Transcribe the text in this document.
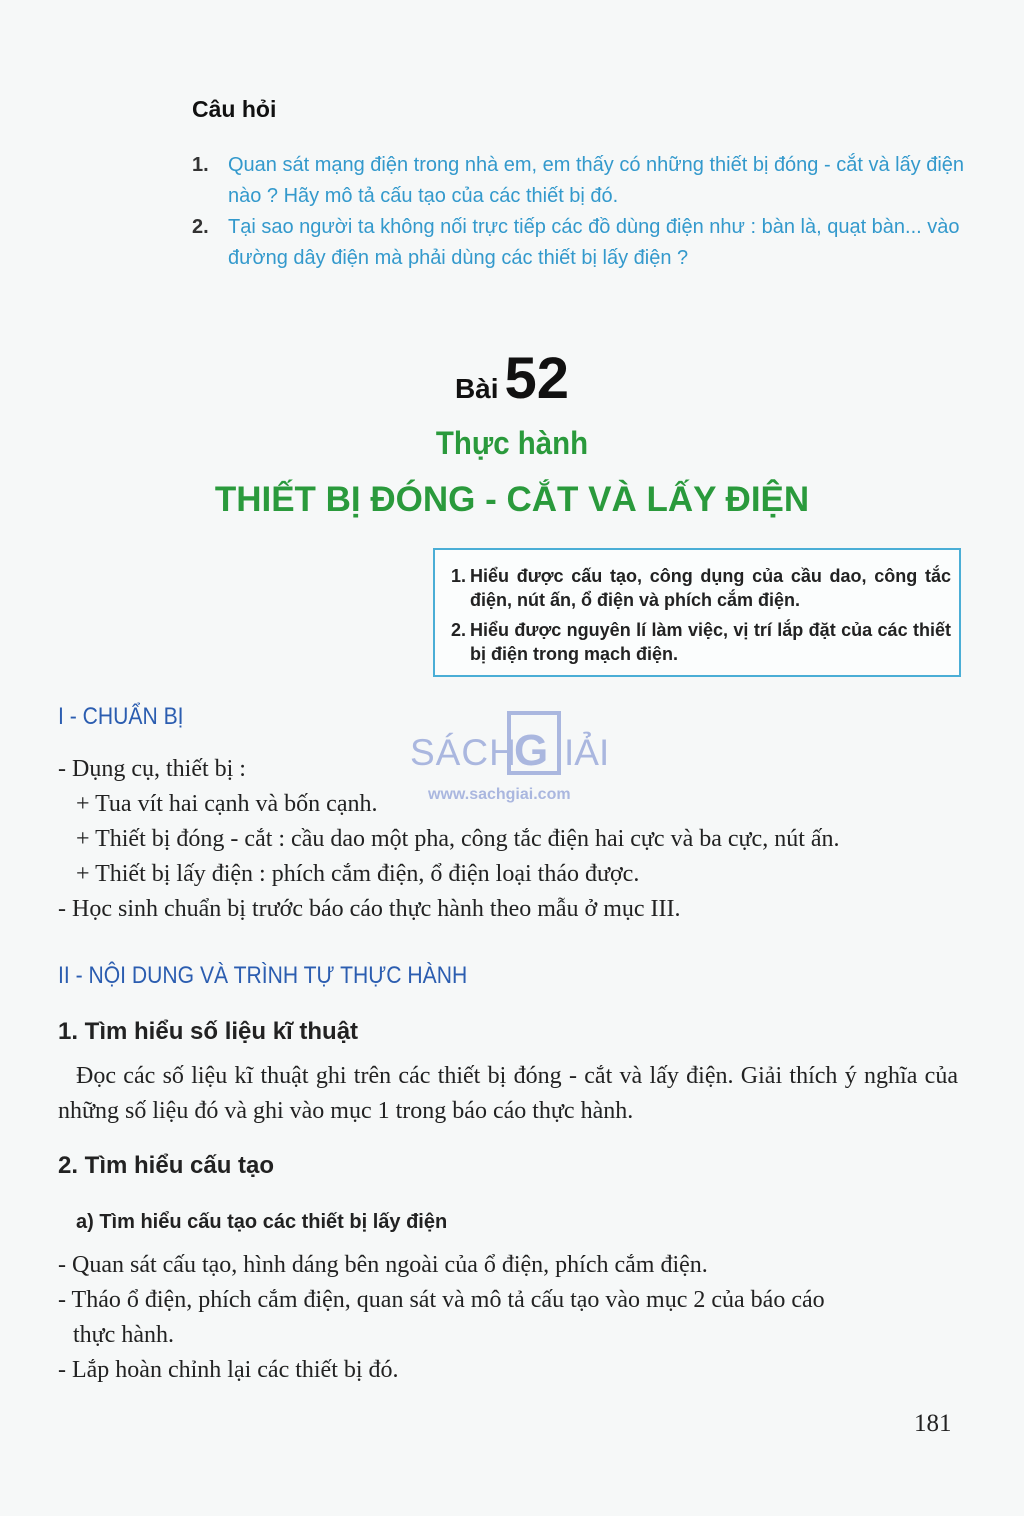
Câu hỏi
1. Quan sát mạng điện trong nhà em, em thấy có những thiết bị đóng - cắt và lấy điện nào ? Hãy mô tả cấu tạo của các thiết bị đó.
2. Tại sao người ta không nối trực tiếp các đồ dùng điện như : bàn là, quạt bàn... vào đường dây điện mà phải dùng các thiết bị lấy điện ?
Bài 52
Thực hành
THIẾT BỊ ĐÓNG - CẮT VÀ LẤY ĐIỆN
1. Hiểu được cấu tạo, công dụng của cầu dao, công tắc điện, nút ấn, ổ điện và phích cắm điện.
2. Hiểu được nguyên lí làm việc, vị trí lắp đặt của các thiết bị điện trong mạch điện.
SÁCH
G IẢI
www.sachgiai.com
I - CHUẨN BỊ
- Dụng cụ, thiết bị :
+ Tua vít hai cạnh và bốn cạnh.
+ Thiết bị đóng - cắt : cầu dao một pha, công tắc điện hai cực và ba cực, nút ấn.
+ Thiết bị lấy điện : phích cắm điện, ổ điện loại tháo được.
- Học sinh chuẩn bị trước báo cáo thực hành theo mẫu ở mục III.
II - NỘI DUNG VÀ TRÌNH TỰ THỰC HÀNH
1. Tìm hiểu số liệu kĩ thuật
Đọc các số liệu kĩ thuật ghi trên các thiết bị đóng - cắt và lấy điện. Giải thích ý nghĩa của những số liệu đó và ghi vào mục 1 trong báo cáo thực hành.
2. Tìm hiểu cấu tạo
a) Tìm hiểu cấu tạo các thiết bị lấy điện
- Quan sát cấu tạo, hình dáng bên ngoài của ổ điện, phích cắm điện.
- Tháo ổ điện, phích cắm điện, quan sát và mô tả cấu tạo vào mục 2 của báo cáo
thực hành.
- Lắp hoàn chỉnh lại các thiết bị đó.
181
